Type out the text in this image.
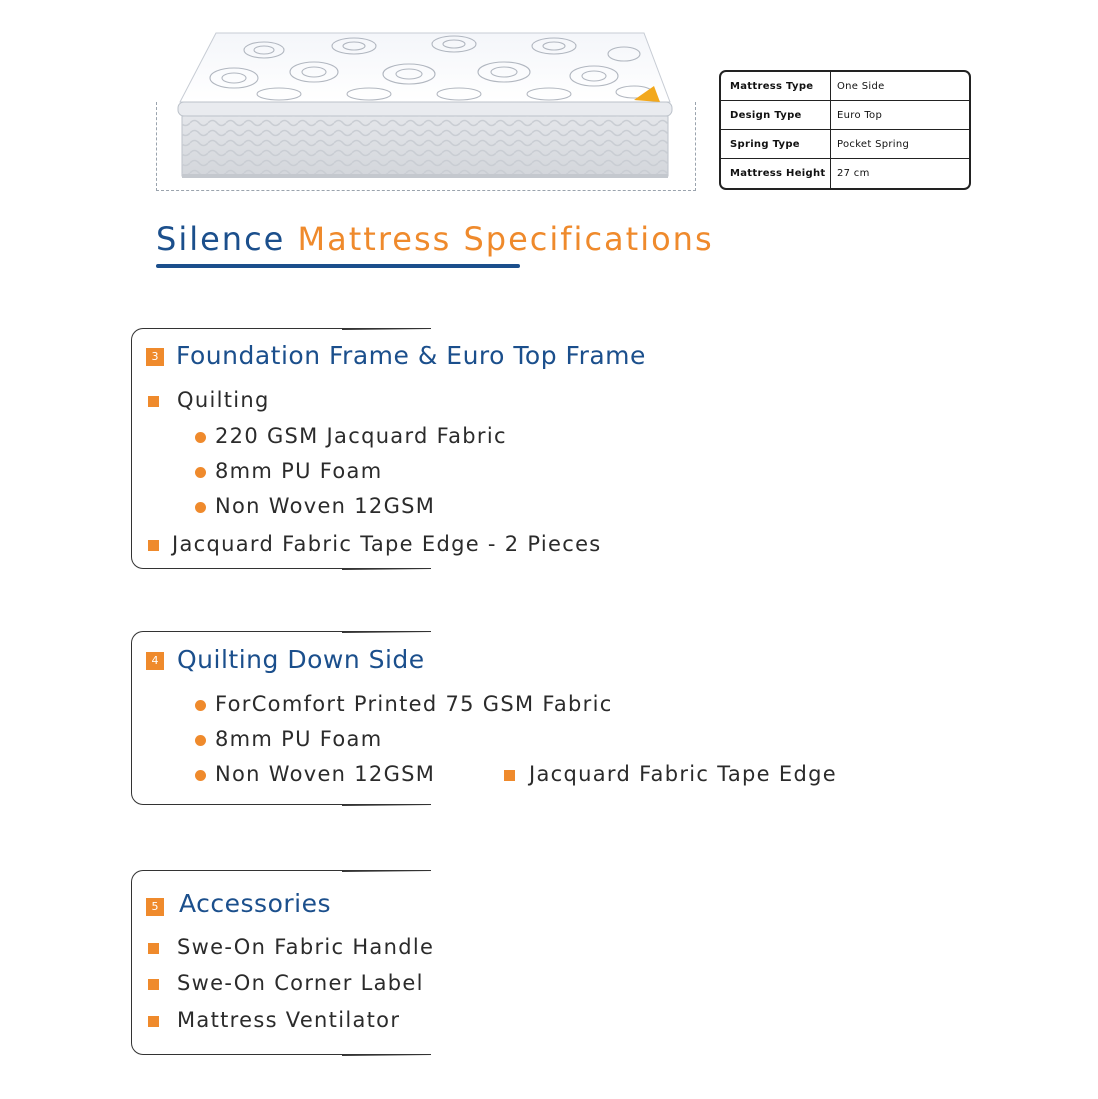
Mattress Type	One Side
Design Type	Euro Top
Spring Type	Pocket Spring
Mattress Height	27 cm
Silence Mattress Specifications
3 Foundation Frame & Euro Top Frame
Quilting
220 GSM Jacquard Fabric
8mm PU Foam
Non Woven 12GSM
Jacquard Fabric Tape Edge - 2 Pieces
4 Quilting Down Side
ForComfort Printed 75 GSM Fabric
8mm PU Foam
Non Woven 12GSM	Jacquard Fabric Tape Edge
5 Accessories
Swe-On Fabric Handle
Swe-On Corner Label
Mattress Ventilator
